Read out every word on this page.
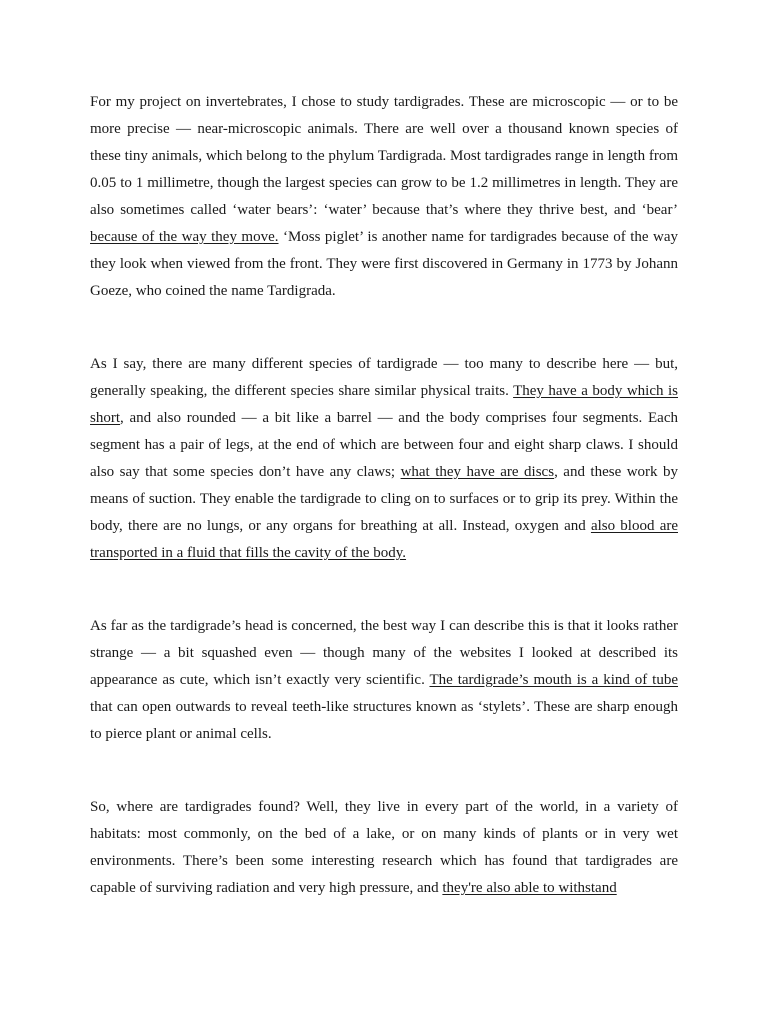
For my project on invertebrates, I chose to study tardigrades. These are microscopic — or to be more precise — near-microscopic animals. There are well over a thousand known species of these tiny animals, which belong to the phylum Tardigrada. Most tardigrades range in length from 0.05 to 1 millimetre, though the largest species can grow to be 1.2 millimetres in length. They are also sometimes called ‘water bears’: ‘water’ because that’s where they thrive best, and ‘bear’ because of the way they move. ‘Moss piglet’ is another name for tardigrades because of the way they look when viewed from the front. They were first discovered in Germany in 1773 by Johann Goeze, who coined the name Tardigrada.

As I say, there are many different species of tardigrade — too many to describe here — but, generally speaking, the different species share similar physical traits. They have a body which is short, and also rounded — a bit like a barrel — and the body comprises four segments. Each segment has a pair of legs, at the end of which are between four and eight sharp claws. I should also say that some species don’t have any claws; what they have are discs, and these work by means of suction. They enable the tardigrade to cling on to surfaces or to grip its prey. Within the body, there are no lungs, or any organs for breathing at all. Instead, oxygen and also blood are transported in a fluid that fills the cavity of the body.

As far as the tardigrade’s head is concerned, the best way I can describe this is that it looks rather strange — a bit squashed even — though many of the websites I looked at described its appearance as cute, which isn’t exactly very scientific. The tardigrade’s mouth is a kind of tube that can open outwards to reveal teeth-like structures known as ‘stylets’. These are sharp enough to pierce plant or animal cells.

So, where are tardigrades found? Well, they live in every part of the world, in a variety of habitats: most commonly, on the bed of a lake, or on many kinds of plants or in very wet environments. There’s been some interesting research which has found that tardigrades are capable of surviving radiation and very high pressure, and they're also able to withstand
